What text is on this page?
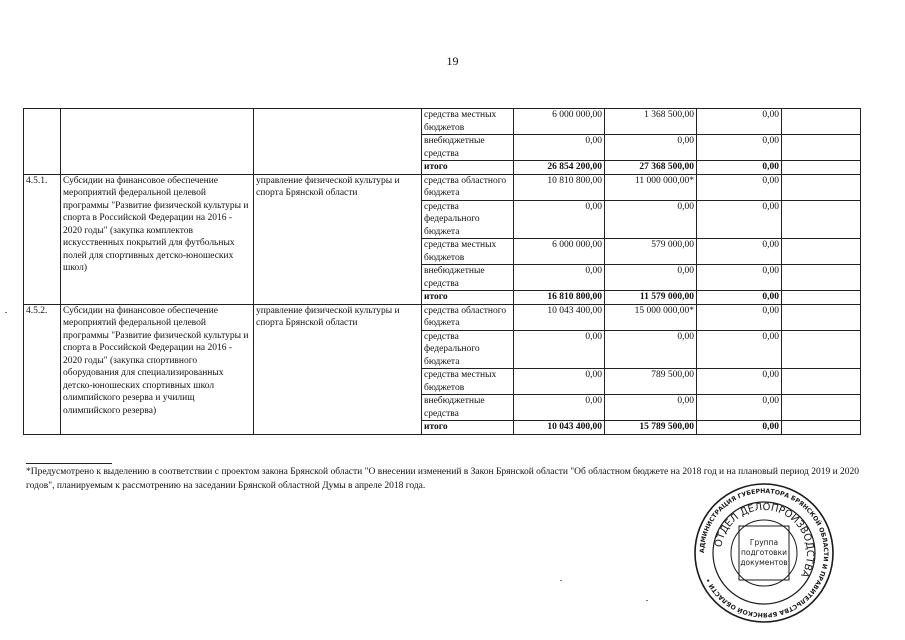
19
			средства местных бюджетов	6 000 000,00	1 368 500,00	0,00	
			внебюджетные средства	0,00	0,00	0,00	
			итого	26 854 200,00	27 368 500,00	0,00	
4.5.1.	Субсидии на финансовое обеспечение мероприятий федеральной целевой программы "Развитие физической культуры и спорта в Российской Федерации на 2016 - 2020 годы" (закупка комплектов искусственных покрытий для футбольных полей для спортивных детско-юношеских школ)	управление физической культуры и спорта Брянской области	средства областного бюджета	10 810 800,00	11 000 000,00*	0,00	
			средства федерального бюджета	0,00	0,00	0,00	
			средства местных бюджетов	6 000 000,00	579 000,00	0,00	
			внебюджетные средства	0,00	0,00	0,00	
			итого	16 810 800,00	11 579 000,00	0,00	
4.5.2.	Субсидии на финансовое обеспечение мероприятий федеральной целевой программы "Развитие физической культуры и спорта в Российской Федерации на 2016 - 2020 годы" (закупка спортивного оборудования для специализированных детско-юношеских спортивных школ олимпийского резерва и училищ олимпийского резерва)	управление физической культуры и спорта Брянской области	средства областного бюджета	10 043 400,00	15 000 000,00*	0,00	
			средства федерального бюджета	0,00	0,00	0,00	
			средства местных бюджетов	0,00	789 500,00	0,00	
			внебюджетные средства	0,00	0,00	0,00	
			итого	10 043 400,00	15 789 500,00	0,00	
*Предусмотрено к выделению в соответствии с проектом закона Брянской области "О внесении изменений в Закон Брянской области "Об областном бюджете на 2018 год и на плановый период 2019 и 2020 годов", планируемым к рассмотрению на заседании Брянской областной Думы в апреле 2018 года.
АДМИНИСТРАЦИЯ ГУБЕРНАТОРА БРЯНСКОЙ ОБЛАСТИ И ПРАВИТЕЛЬСТВА БРЯНСКОЙ ОБЛАСТИ •
ОТДЕЛ ДЕЛОПРОИЗВОДСТВА
Группа
подготовки
документов
